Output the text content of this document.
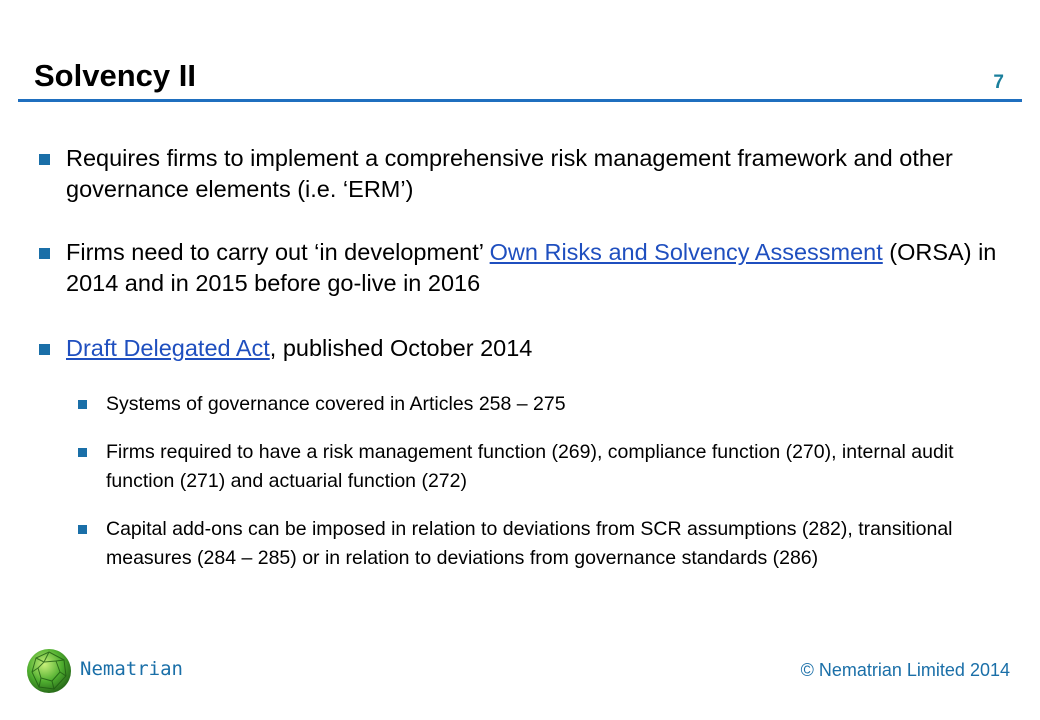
Solvency II	7
Requires firms to implement a comprehensive risk management framework and other governance elements (i.e. ‘ERM’)
Firms need to carry out ‘in development’ Own Risks and Solvency Assessment (ORSA) in 2014 and in 2015 before go-live in 2016
Draft Delegated Act, published October 2014
Systems of governance covered in Articles 258 – 275
Firms required to have a risk management function (269), compliance function (270), internal audit function (271) and actuarial function (272)
Capital add-ons can be imposed in relation to deviations from SCR assumptions (282), transitional measures (284 – 285) or in relation to deviations from governance standards (286)
Nematrian	© Nematrian Limited 2014
